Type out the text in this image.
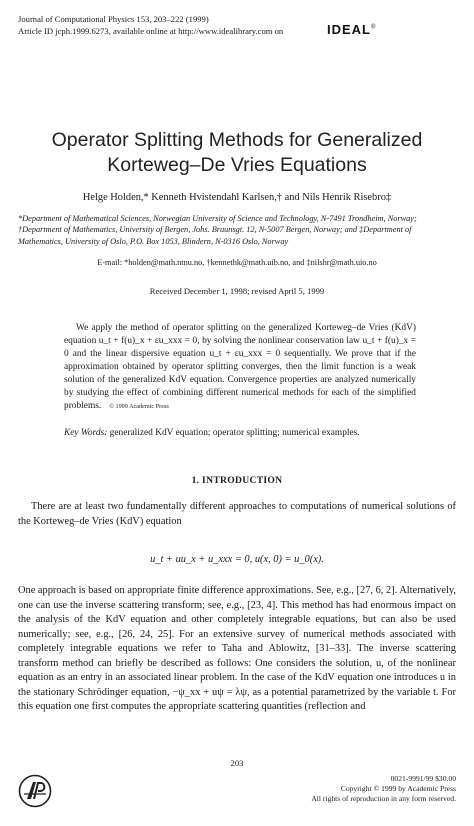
Journal of Computational Physics 153, 203–222 (1999)
Article ID jcph.1999.6273, available online at http://www.idealibrary.com on	IDEAL®
Operator Splitting Methods for Generalized
Korteweg–De Vries Equations
Helge Holden,* Kenneth Hvistendahl Karlsen,† and Nils Henrik Risebro‡
*Department of Mathematical Sciences, Norwegian University of Science and Technology, N-7491 Trondheim, Norway; †Department of Mathematics, University of Bergen, Johs. Bruunsgt. 12, N-5007 Bergen, Norway; and ‡Department of Mathematics, University of Oslo, P.O. Box 1053, Blindern, N-0316 Oslo, Norway
E-mail: *holden@math.ntnu.no, †kennethk@math.uib.no, and ‡nilshr@math.uio.no
Received December 1, 1998; revised April 5, 1999

We apply the method of operator splitting on the generalized Korteweg–de Vries (KdV) equation u_t + f(u)_x + εu_xxx = 0, by solving the nonlinear conservation law u_t + f(u)_x = 0 and the linear dispersive equation u_t + εu_xxx = 0 sequentially. We prove that if the approximation obtained by operator splitting converges, then the limit function is a weak solution of the generalized KdV equation. Convergence properties are analyzed numerically by studying the effect of combining different numerical methods for each of the simplified problems. © 1999 Academic Press

Key Words: generalized KdV equation; operator splitting; numerical examples.
1. INTRODUCTION

There are at least two fundamentally different approaches to computations of numerical solutions of the Korteweg–de Vries (KdV) equation

u_t + uu_x + u_xxx = 0, u(x, 0) = u_0(x).

One approach is based on appropriate finite difference approximations. See, e.g., [27, 6, 2]. Alternatively, one can use the inverse scattering transform; see, e.g., [23, 4]. This method has had enormous impact on the analysis of the KdV equation and other completely integrable equations, but can also be used numerically; see, e.g., [26, 24, 25]. For an extensive survey of numerical methods associated with completely integrable equations we refer to Taha and Ablowitz, [31–33]. The inverse scattering transform method can briefly be described as follows: One considers the solution, u, of the nonlinear equation as an entry in an associated linear problem. In the case of the KdV equation one introduces u in the stationary Schrödinger equation, −ψ_xx + uψ = λψ, as a potential parametrized by the variable t. For this equation one first computes the appropriate scattering quantities (reflection and

203
0021-9991/99 $30.00
Copyright © 1999 by Academic Press
All rights of reproduction in any form reserved.
